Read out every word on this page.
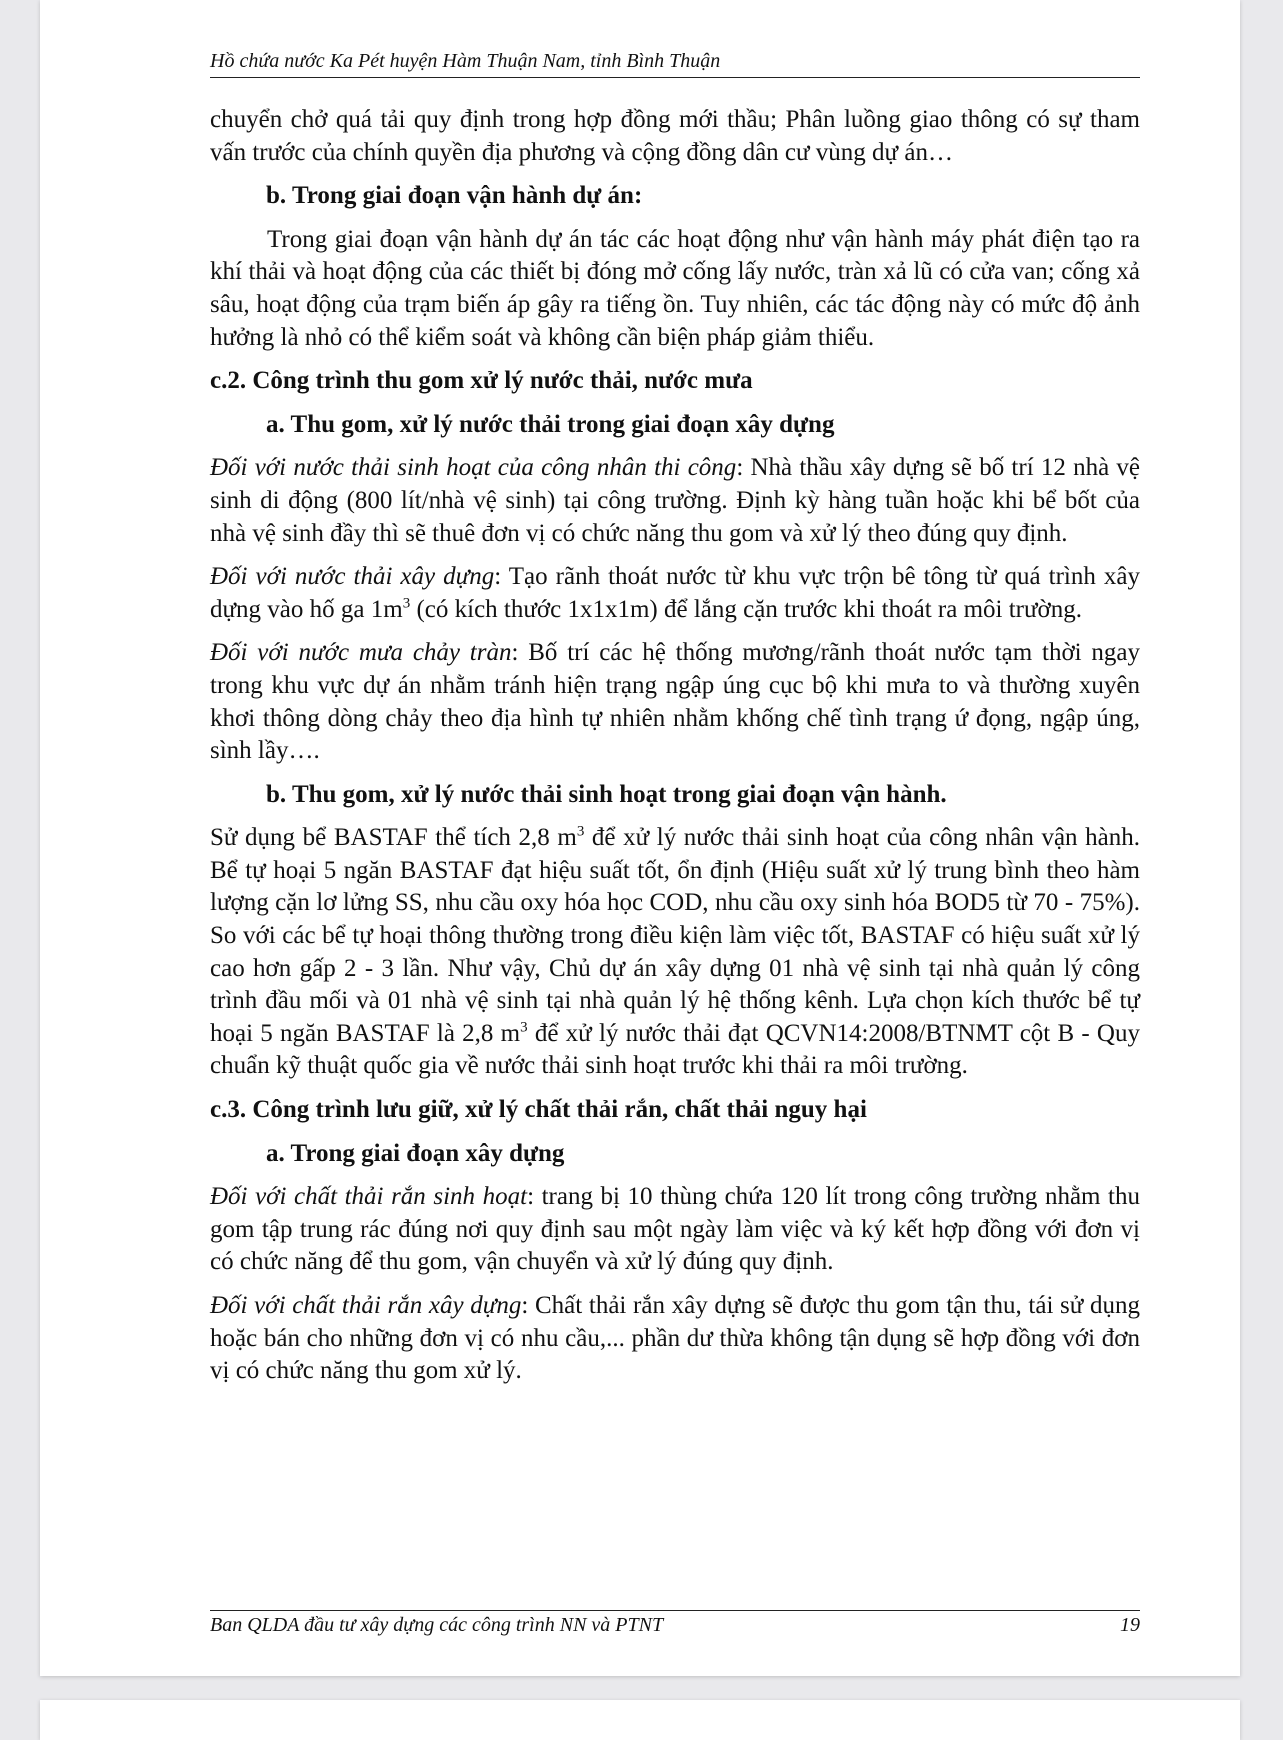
Hồ chứa nước Ka Pét huyện Hàm Thuận Nam, tỉnh Bình Thuận

chuyển chở quá tải quy định trong hợp đồng mới thầu; Phân luồng giao thông có sự tham vấn trước của chính quyền địa phương và cộng đồng dân cư vùng dự án…

b. Trong giai đoạn vận hành dự án:

Trong giai đoạn vận hành dự án tác các hoạt động như vận hành máy phát điện tạo ra khí thải và hoạt động của các thiết bị đóng mở cống lấy nước, tràn xả lũ có cửa van; cống xả sâu, hoạt động của trạm biến áp gây ra tiếng ồn. Tuy nhiên, các tác động này có mức độ ảnh hưởng là nhỏ có thể kiểm soát và không cần biện pháp giảm thiểu.

c.2. Công trình thu gom xử lý nước thải, nước mưa
a. Thu gom, xử lý nước thải trong giai đoạn xây dựng

Đối với nước thải sinh hoạt của công nhân thi công: Nhà thầu xây dựng sẽ bố trí 12 nhà vệ sinh di động (800 lít/nhà vệ sinh) tại công trường. Định kỳ hàng tuần hoặc khi bể bốt của nhà vệ sinh đầy thì sẽ thuê đơn vị có chức năng thu gom và xử lý theo đúng quy định.

Đối với nước thải xây dựng: Tạo rãnh thoát nước từ khu vực trộn bê tông từ quá trình xây dựng vào hố ga $1m^3$ (có kích thước 1x1x1m) để lắng cặn trước khi thoát ra môi trường.

Đối với nước mưa chảy tràn: Bố trí các hệ thống mương/rãnh thoát nước tạm thời ngay trong khu vực dự án nhằm tránh hiện trạng ngập úng cục bộ khi mưa to và thường xuyên khơi thông dòng chảy theo địa hình tự nhiên nhằm khống chế tình trạng ứ đọng, ngập úng, sình lầy….

b. Thu gom, xử lý nước thải sinh hoạt trong giai đoạn vận hành.

Sử dụng bể BASTAF thể tích 2,8 $m^3$ để xử lý nước thải sinh hoạt của công nhân vận hành. Bể tự hoại 5 ngăn BASTAF đạt hiệu suất tốt, ổn định (Hiệu suất xử lý trung bình theo hàm lượng cặn lơ lửng SS, nhu cầu oxy hóa học COD, nhu cầu oxy sinh hóa BOD5 từ 70 - 75%). So với các bể tự hoại thông thường trong điều kiện làm việc tốt, BASTAF có hiệu suất xử lý cao hơn gấp 2 - 3 lần. Như vậy, Chủ dự án xây dựng 01 nhà vệ sinh tại nhà quản lý công trình đầu mối và 01 nhà vệ sinh tại nhà quản lý hệ thống kênh. Lựa chọn kích thước bể tự hoại 5 ngăn BASTAF là 2,8 $m^3$ để xử lý nước thải đạt QCVN14:2008/BTNMT cột B - Quy chuẩn kỹ thuật quốc gia về nước thải sinh hoạt trước khi thải ra môi trường.

c.3. Công trình lưu giữ, xử lý chất thải rắn, chất thải nguy hại
a. Trong giai đoạn xây dựng

Đối với chất thải rắn sinh hoạt: trang bị 10 thùng chứa 120 lít trong công trường nhằm thu gom tập trung rác đúng nơi quy định sau một ngày làm việc và ký kết hợp đồng với đơn vị có chức năng để thu gom, vận chuyển và xử lý đúng quy định.

Đối với chất thải rắn xây dựng: Chất thải rắn xây dựng sẽ được thu gom tận thu, tái sử dụng hoặc bán cho những đơn vị có nhu cầu,... phần dư thừa không tận dụng sẽ hợp đồng với đơn vị có chức năng thu gom xử lý.

Ban QLDA đầu tư xây dựng các công trình NN và PTNT	19
